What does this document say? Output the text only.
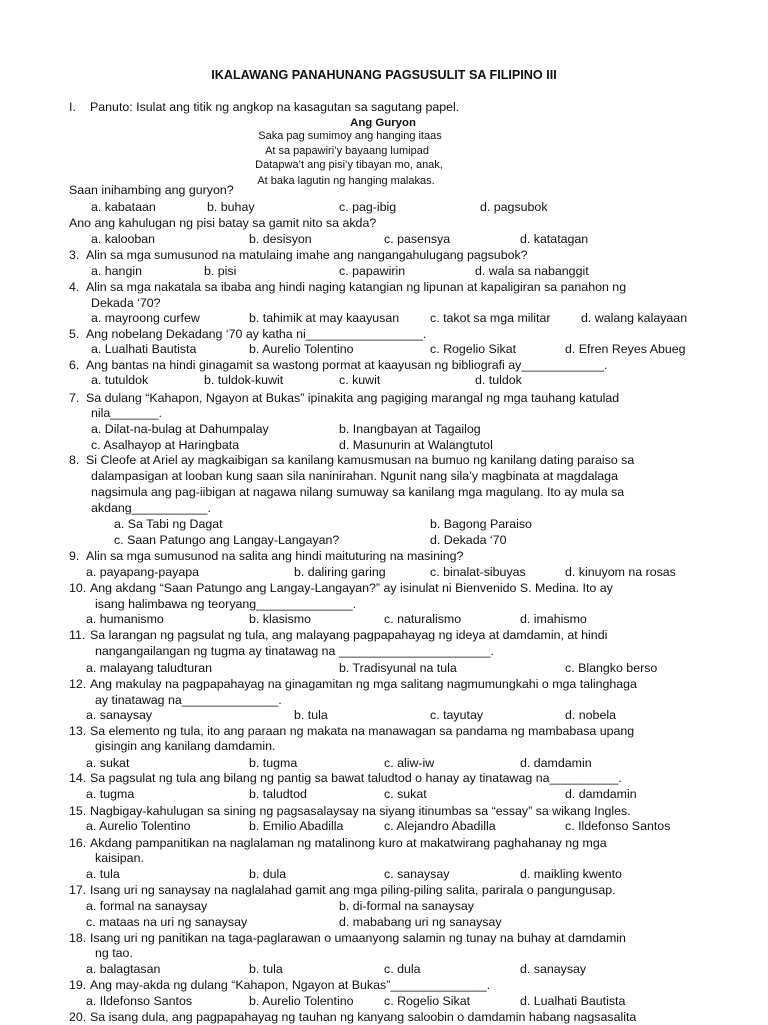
IKALAWANG PANAHUNANG PAGSUSULIT SA FILIPINO III
I. Panuto: Isulat ang titik ng angkop na kasagutan sa sagutang papel.
Ang Guryon
Saka pag sumimoy ang hanging itaas
At sa papawiri’y bayaang lumipad
Datapwa’t ang pisi’y tibayan mo, anak,
At baka lagutin ng hanging malakas.
Saan inihambing ang guryon?
a. kabataan	b. buhay	c. pag-ibig	d. pagsubok
Ano ang kahulugan ng pisi batay sa gamit nito sa akda?
a. kalooban	b. desisyon	c. pasensya	d. katatagan
3. Alin sa mga sumusunod na matulaing imahe ang nangangahulugang pagsubok?
a. hangin	b. pisi	c. papawirin	d. wala sa nabanggit
4. Alin sa mga nakatala sa ibaba ang hindi naging katangian ng lipunan at kapaligiran sa panahon ng
Dekada ‘70?
a. mayroong curfew	b. tahimik at may kaayusan c. takot sa mga militar d. walang kalayaan
5. Ang nobelang Dekadang ‘70 ay katha ni_________________.
a. Lualhati Bautista	b. Aurelio Tolentino	c. Rogelio Sikat	d. Efren Reyes Abueg
6. Ang bantas na hindi ginagamit sa wastong pormat at kaayusan ng bibliografi ay____________.
a. tutuldok	b. tuldok-kuwit	c. kuwit	d. tuldok
7. Sa dulang “Kahapon, Ngayon at Bukas” ipinakita ang pagiging marangal ng mga tauhang katulad
nila_______.
a. Dilat-na-bulag at Dahumpalay	b. Inangbayan at Tagailog
c. Asalhayop at Haringbata	d. Masunurin at Walangtutol
8. Si Cleofe at Ariel ay magkaibigan sa kanilang kamusmusan na bumuo ng kanilang dating paraiso sa
dalampasigan at looban kung saan sila naninirahan. Ngunit nang sila’y magbinata at magdalaga
nagsimula ang pag-iibigan at nagawa nilang sumuway sa kanilang mga magulang. Ito ay mula sa
akdang___________.
a. Sa Tabi ng Dagat	b. Bagong Paraiso
c. Saan Patungo ang Langay-Langayan?	d. Dekada ‘70
9. Alin sa mga sumusunod na salita ang hindi maituturing na masining?
a. payapang-payapa	b. daliring garing	c. binalat-sibuyas	d. kinuyom na rosas
10. Ang akdang “Saan Patungo ang Langay-Langayan?” ay isinulat ni Bienvenido S. Medina. Ito ay
isang halimbawa ng teoryang______________.
a. humanismo	b. klasismo	c. naturalismo	d. imahismo
11. Sa larangan ng pagsulat ng tula, ang malayang pagpapahayag ng ideya at damdamin, at hindi
nangangailangan ng tugma ay tinatawag na ______________________.
a. malayang taludturan	b. Tradisyunal na tula	c. Blangko berso
12. Ang makulay na pagpapahayag na ginagamitan ng mga salitang nagmumungkahi o mga talinghaga
ay tinatawag na______________.
a. sanaysay	b. tula	c. tayutay	d. nobela
13. Sa elemento ng tula, ito ang paraan ng makata na manawagan sa pandama ng mambabasa upang
gisingin ang kanilang damdamin.
a. sukat	b. tugma	c. aliw-iw	d. damdamin
14. Sa pagsulat ng tula ang bilang ng pantig sa bawat taludtod o hanay ay tinatawag na__________.
a. tugma	b. taludtod	c. sukat	d. damdamin
15. Nagbigay-kahulugan sa sining ng pagsasalaysay na siyang itinumbas sa “essay” sa wikang Ingles.
a. Aurelio Tolentino	b. Emilio Abadilla	c. Alejandro Abadilla	c. Ildefonso Santos
16. Akdang pampanitikan na naglalaman ng matalinong kuro at makatwirang paghahanay ng mga
kaisipan.
a. tula	b. dula	c. sanaysay	d. maikling kwento
17. Isang uri ng sanaysay na naglalahad gamit ang mga piling-piling salita, parirala o pangungusap.
a. formal na sanaysay	b. di-formal na sanaysay
c. mataas na uri ng sanaysay	d. mababang uri ng sanaysay
18. Isang uri ng panitikan na taga-paglarawan o umaanyong salamin ng tunay na buhay at damdamin
ng tao.
a. balagtasan	b. tula	c. dula	d. sanaysay
19. Ang may-akda ng dulang “Kahapon, Ngayon at Bukas”______________.
a. Ildefonso Santos	b. Aurelio Tolentino c. Rogelio Sikat	d. Lualhati Bautista
20. Sa isang dula, ang pagpapahayag ng tauhan ng kanyang saloobin o damdamin habang nagsasalita
